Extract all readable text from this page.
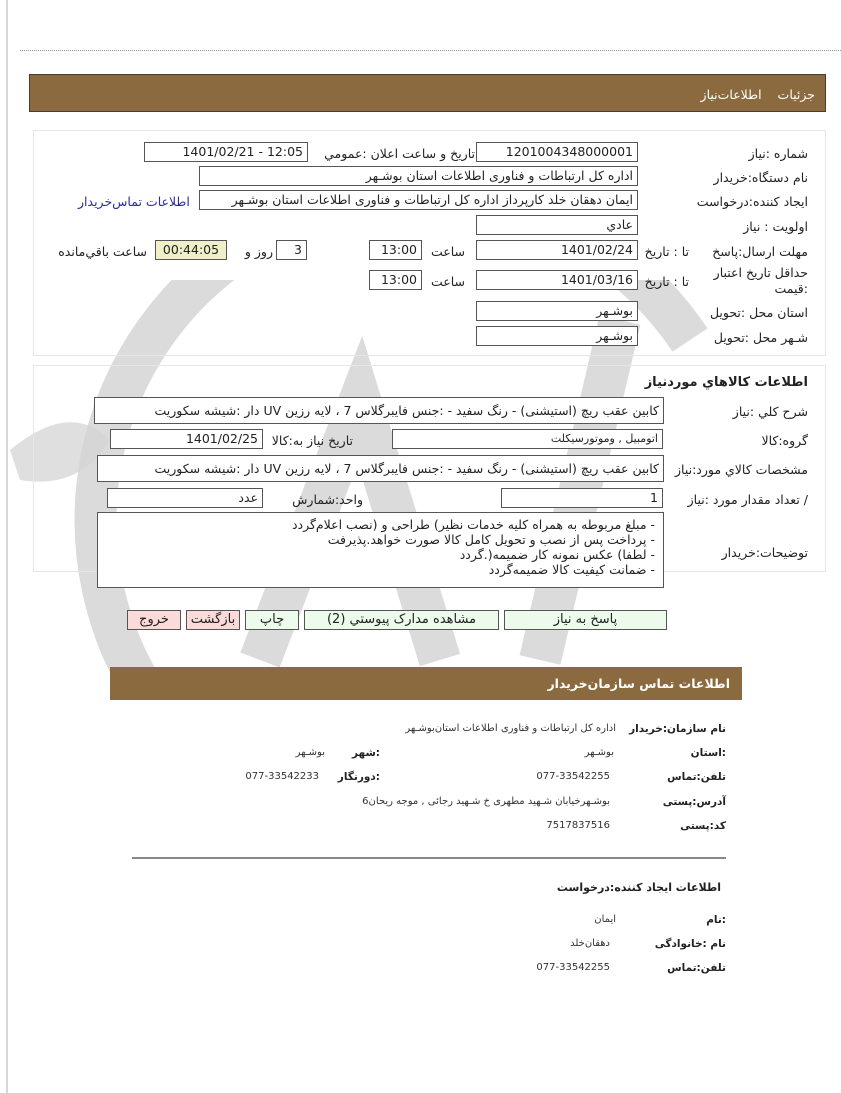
جزئیات
اطلاعات‌نیاز
شماره :نیاز
1201004348000001
تاریخ و ساعت اعلان :عمومي
1401/02/21 - 12:05
نام دستگاه:خریدار
اداره کل ارتباطات و فناوری اطلاعات استان بوشـهر
ایجاد کننده:درخواست
ایمان دهقان خلد کارپرداز اداره کل ارتباطات و فناوری اطلاعات استان بوشـهر
اطلاعات تماس‌خریدار
اولویت : نیاز
عادي
مهلت ارسال:پاسخ
تا : تاریخ
1401/02/24
ساعت
13:00
3
روز و
00:44:05
ساعت باقي‌مانده
حداقل تاریخ اعتبار
:قیمت
تا : تاریخ
1401/03/16
ساعت
13:00
استان محل :تحویل
بوشـهر
شـهر محل :تحویل
بوشـهر
اطلاعات کالاهاي موردنیاز
شرح کلي :نیاز
کابین عقب ریچ (استیشنی) - رنگ سفید - :جنس فایبرگلاس 7 ، لایه رزین UV دار :شیشه سکوریت
گروه:کالا
اتومبیل , وموتورسیکلت
تاریخ نیاز به:کالا
1401/02/25
مشخصات کالاي مورد:نیاز
کابین عقب ریچ (استیشنی) - رنگ سفید - :جنس فایبرگلاس 7 ، لایه رزین UV دار :شیشه سکوریت
/ تعداد مقدار مورد :نیاز
1
واحد:شمارش
عدد
توضیحات:خریدار
- مبلغ مربوطه به همراه کلیه خدمات نظیر) طراحی و (نصب اعلام‌گردد
- پرداخت پس از نصب و تحویل کامل کالا صورت خواهد.پذیرفت
- لطفا) عکس نمونه کار ضمیمه(.گردد
- ضمانت کیفیت کالا ضمیمه‌گردد
پاسخ به نیاز
مشاهده مدارک پیوستي (2)
چاپ
بازگشت
خروج
اطلاعات تماس سازمان‌خریدار
نام سازمان:خریدار
اداره کل ارتباطات و فناوری اطلاعات استان‌بوشـهر
:استان
بوشـهر
:شهر
بوشـهر
تلفن:تماس
077-33542255
:دورنگار
077-33542233
آدرس:پستی
بوشـهرخیابان شـهید مطهری خ شـهید رجائی , موجه ریحان6
کد:پستی
7517837516
اطلاعات ایجاد کننده:درخواست
:نام
ایمان
نام :خانوادگی
دهقان‌خلد
تلفن:تماس
077-33542255
